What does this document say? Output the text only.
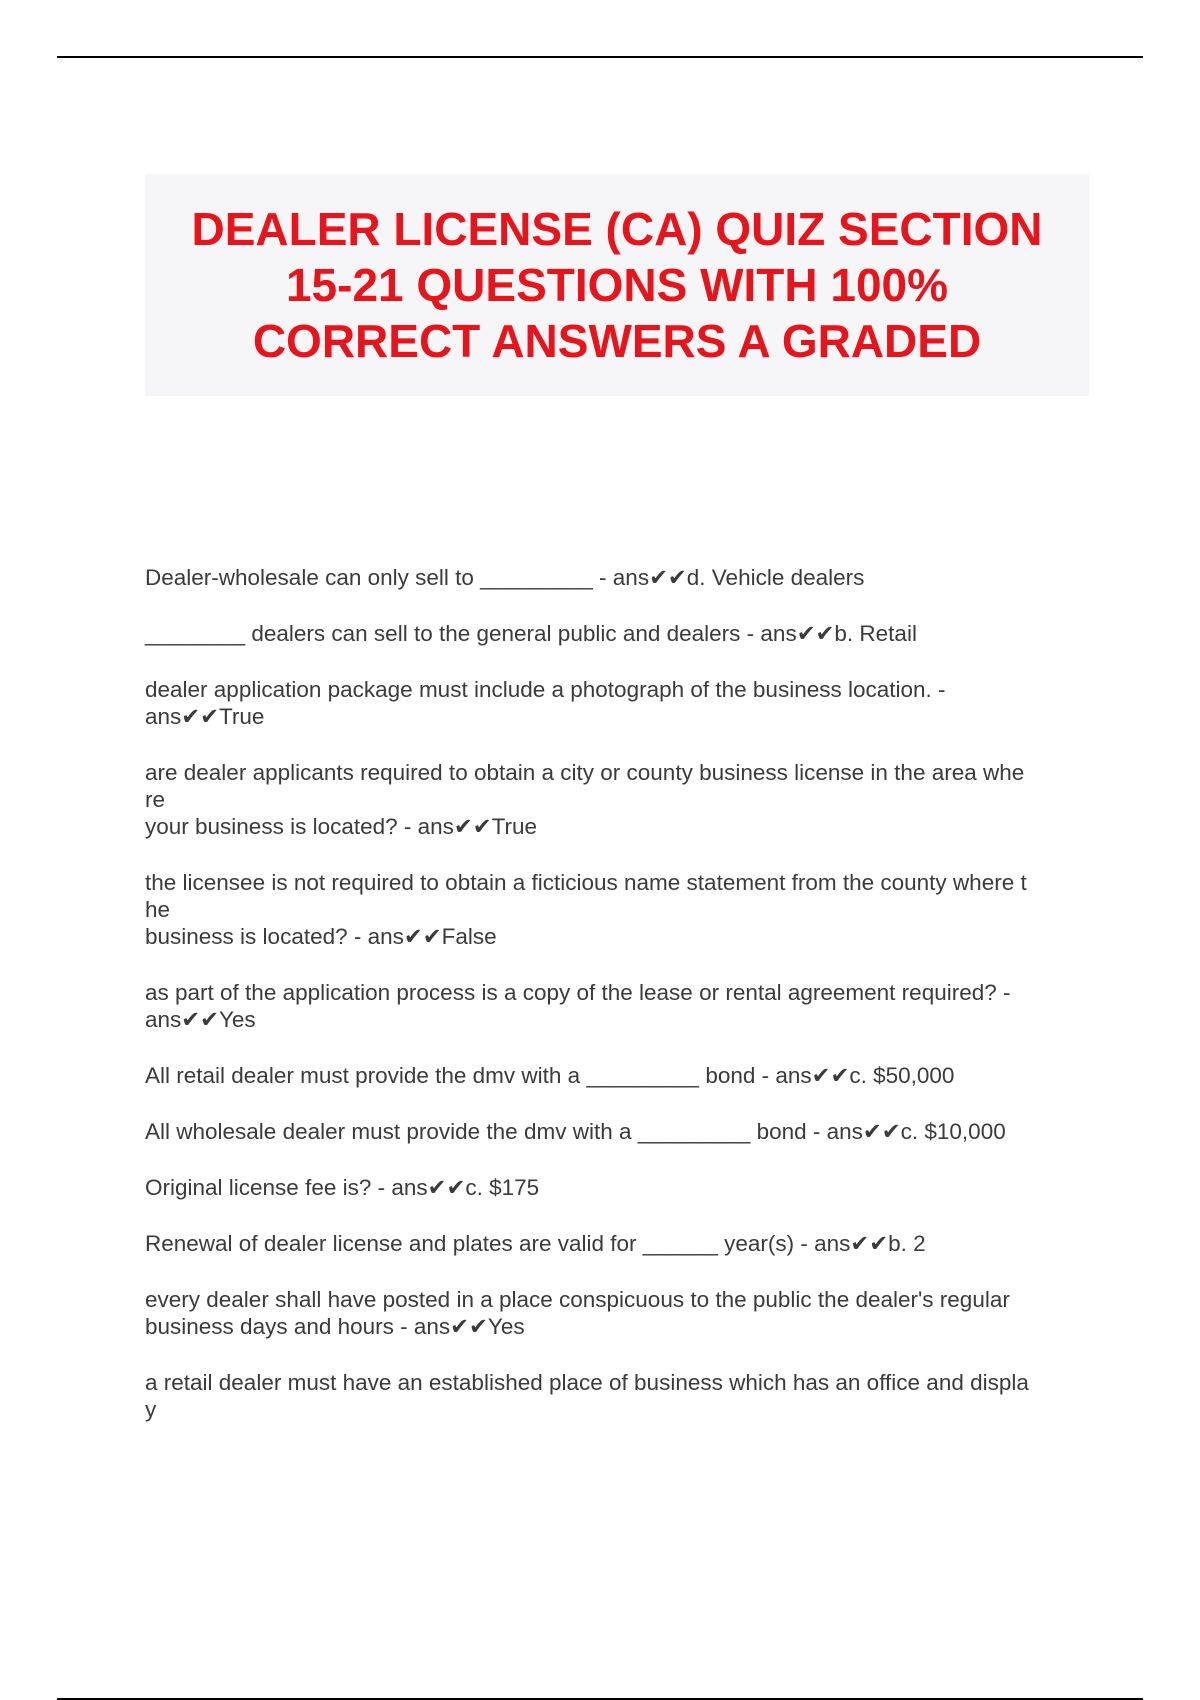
DEALER LICENSE (CA) QUIZ SECTION
15-21 QUESTIONS WITH 100%
CORRECT ANSWERS A GRADED

Dealer-wholesale can only sell to _________ - ans✔✔d. Vehicle dealers

________ dealers can sell to the general public and dealers - ans✔✔b. Retail

dealer application package must include a photograph of the business location. -
ans✔✔True

are dealer applicants required to obtain a city or county business license in the area whe
re
your business is located? - ans✔✔True

the licensee is not required to obtain a ficticious name statement from the county where t
he
business is located? - ans✔✔False

as part of the application process is a copy of the lease or rental agreement required? -
ans✔✔Yes

All retail dealer must provide the dmv with a _________ bond - ans✔✔c. $50,000

All wholesale dealer must provide the dmv with a _________ bond - ans✔✔c. $10,000

Original license fee is? - ans✔✔c. $175

Renewal of dealer license and plates are valid for ______ year(s) - ans✔✔b. 2

every dealer shall have posted in a place conspicuous to the public the dealer's regular
business days and hours - ans✔✔Yes

a retail dealer must have an established place of business which has an office and displa
y
